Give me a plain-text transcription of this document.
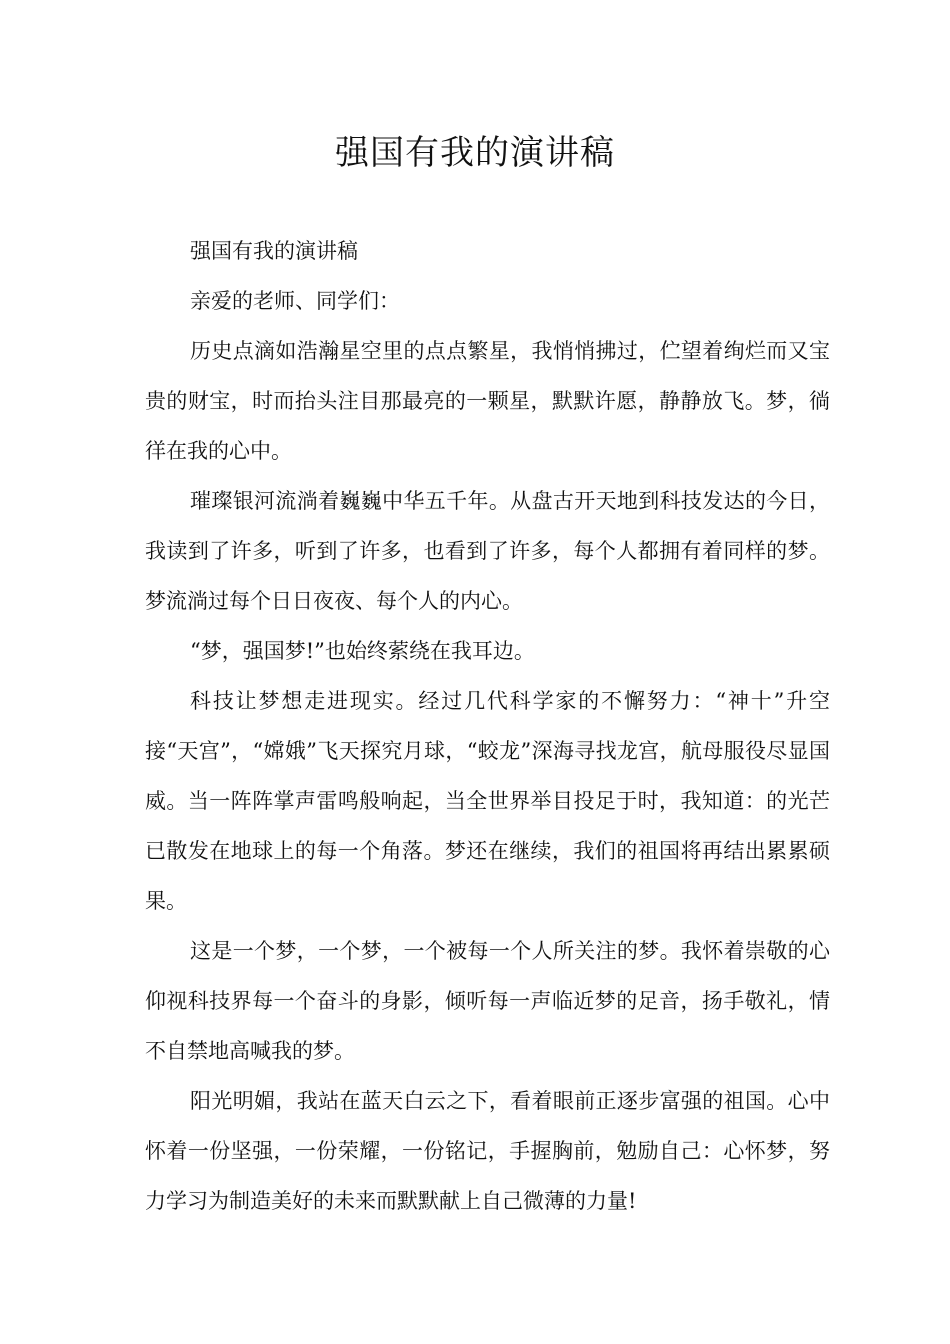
强国有我的演讲稿

强国有我的演讲稿

亲爱的老师、同学们：

历史点滴如浩瀚星空里的点点繁星，我悄悄拂过，伫望着绚烂而又宝贵的财宝，时而抬头注目那最亮的一颗星，默默许愿，静静放飞。梦，徜徉在我的心中。

璀璨银河流淌着巍巍中华五千年。从盘古开天地到科技发达的今日，我读到了许多，听到了许多，也看到了许多，每个人都拥有着同样的梦。梦流淌过每个日日夜夜、每个人的内心。

“梦，强国梦!”也始终萦绕在我耳边。

科技让梦想走进现实。经过几代科学家的不懈努力：“神十”升空接“天宫”，“嫦娥”飞天探究月球，“蛟龙”深海寻找龙宫，航母服役尽显国威。当一阵阵掌声雷鸣般响起，当全世界举目投足于时，我知道：的光芒已散发在地球上的每一个角落。梦还在继续，我们的祖国将再结出累累硕果。

这是一个梦，一个梦，一个被每一个人所关注的梦。我怀着崇敬的心仰视科技界每一个奋斗的身影，倾听每一声临近梦的足音，扬手敬礼，情不自禁地高喊我的梦。

阳光明媚，我站在蓝天白云之下，看着眼前正逐步富强的祖国。心中怀着一份坚强，一份荣耀，一份铭记，手握胸前，勉励自己：心怀梦，努力学习为制造美好的未来而默默献上自己微薄的力量!
